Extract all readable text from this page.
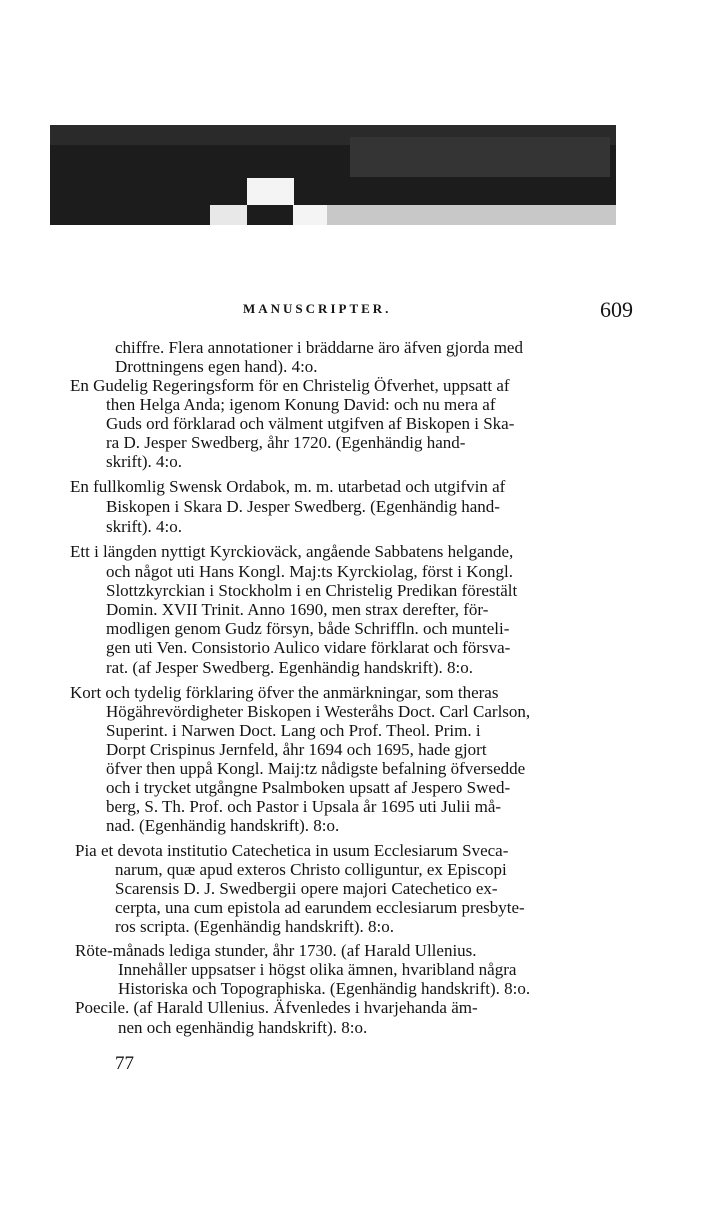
MANUSCRIPTER.	609
chiffre. Flera annotationer i bräddarne äro äfven gjorda med
Drottningens egen hand). 4:o.
En Gudelig Regeringsform för en Christelig Öfverhet, uppsatt af
then Helga Anda; igenom Konung David: och nu mera af
Guds ord förklarad och välment utgifven af Biskopen i Ska-
ra D. Jesper Swedberg, åhr 1720. (Egenhändig hand-
skrift). 4:o.
En fullkomlig Swensk Ordabok, m. m. utarbetad och utgifvin af
Biskopen i Skara D. Jesper Swedberg. (Egenhändig hand-
skrift). 4:o.
Ett i längden nyttigt Kyrckioväck, angående Sabbatens helgande,
och något uti Hans Kongl. Maj:ts Kyrckiolag, först i Kongl.
Slottzkyrckian i Stockholm i en Christelig Predikan förestält
Domin. XVII Trinit. Anno 1690, men strax derefter, för-
modligen genom Gudz försyn, både Schriffln. och munteli-
gen uti Ven. Consistorio Aulico vidare förklarat och försva-
rat. (af Jesper Swedberg. Egenhändig handskrift). 8:o.
Kort och tydelig förklaring öfver the anmärkningar, som theras
Högährevördigheter Biskopen i Westeråhs Doct. Carl Carlson,
Superint. i Narwen Doct. Lang och Prof. Theol. Prim. i
Dorpt Crispinus Jernfeld, åhr 1694 och 1695, hade gjort
öfver then uppå Kongl. Maij:tz nådigste befalning öfversedde
och i trycket utgångne Psalmboken upsatt af Jespero Swed-
berg, S. Th. Prof. och Pastor i Upsala år 1695 uti Julii må-
nad. (Egenhändig handskrift). 8:o.
Pia et devota institutio Catechetica in usum Ecclesiarum Sveca-
narum, quæ apud exteros Christo colliguntur, ex Episcopi
Scarensis D. J. Swedbergii opere majori Catechetico ex-
cerpta, una cum epistola ad earundem ecclesiarum presbyte-
ros scripta. (Egenhändig handskrift). 8:o.
Röte-månads lediga stunder, åhr 1730. (af Harald Ullenius.
Innehåller uppsatser i högst olika ämnen, hvaribland några
Historiska och Topographiska. (Egenhändig handskrift). 8:o.
Poecile. (af Harald Ullenius. Äfvenledes i hvarjehanda äm-
nen och egenhändig handskrift). 8:o.
77
